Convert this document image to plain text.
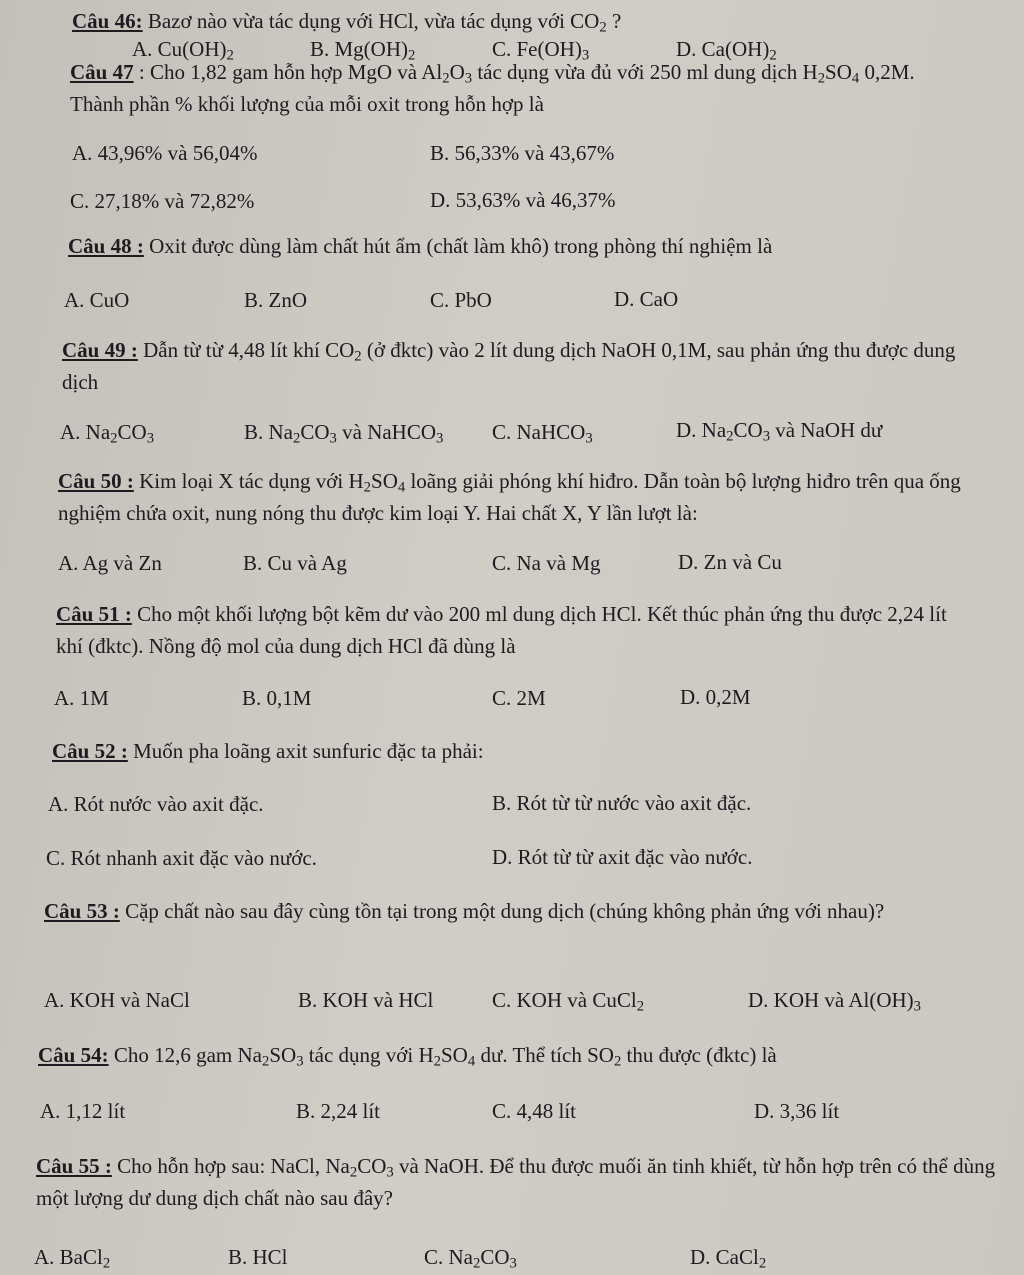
Câu 46: Bazơ nào vừa tác dụng với HCl, vừa tác dụng với $CO_2$ ?
A. $Cu(OH)_2$	B. $Mg(OH)_2$	C. $Fe(OH)_3$	D. $Ca(OH)_2$
Câu 47 : Cho 1,82 gam hỗn hợp MgO và $Al_2O_3$ tác dụng vừa đủ với 250 ml dung dịch $H_2SO_4$ 0,2M. Thành phần % khối lượng của mỗi oxit trong hỗn hợp là
A. 43,96% và 56,04%	B. 56,33% và 43,67%
C. 27,18% và 72,82%	D. 53,63% và 46,37%
Câu 48 : Oxit được dùng làm chất hút ẩm (chất làm khô) trong phòng thí nghiệm là
A. CuO	B. ZnO	C. PbO	D. CaO
Câu 49 : Dẫn từ từ 4,48 lít khí $CO_2$ (ở đktc) vào 2 lít dung dịch NaOH 0,1M, sau phản ứng thu được dung dịch
A. $Na_2CO_3$	B. $Na_2CO_3$ và NaHCO$_3$ C. NaHCO$_3$	D. $Na_2CO_3$ và NaOH dư
Câu 50 : Kim loại X tác dụng với $H_2SO_4$ loãng giải phóng khí hiđro. Dẫn toàn bộ lượng hiđro trên qua ống nghiệm chứa oxit, nung nóng thu được kim loại Y. Hai chất X, Y lần lượt là:
A. Ag và Zn	B. Cu và Ag	C. Na và Mg	D. Zn và Cu
Câu 51 : Cho một khối lượng bột kẽm dư vào 200 ml dung dịch HCl. Kết thúc phản ứng thu được 2,24 lít khí (đktc). Nồng độ mol của dung dịch HCl đã dùng là
A. 1M	B. 0,1M	C. 2M	D. 0,2M
Câu 52 : Muốn pha loãng axit sunfuric đặc ta phải:
A. Rót nước vào axit đặc.	B. Rót từ từ nước vào axit đặc.
C. Rót nhanh axit đặc vào nước.	D. Rót từ từ axit đặc vào nước.
Câu 53 : Cặp chất nào sau đây cùng tồn tại trong một dung dịch (chúng không phản ứng với nhau)?
A. KOH và NaCl	B. KOH và HCl	C. KOH và CuCl$_2$	D. KOH và $Al(OH)_3$
Câu 54: Cho 12,6 gam $Na_2SO_3$ tác dụng với $H_2SO_4$ dư. Thể tích $SO_2$ thu được (đktc) là
A. 1,12 lít	B. 2,24 lít	C. 4,48 lít	D. 3,36 lít
Câu 55 : Cho hỗn hợp sau: NaCl, $Na_2CO_3$ và NaOH. Để thu được muối ăn tinh khiết, từ hỗn hợp trên có thể dùng một lượng dư dung dịch chất nào sau đây?
A. BaCl$_2$	B. HCl	C. $Na_2CO_3$	D. CaCl$_2$
